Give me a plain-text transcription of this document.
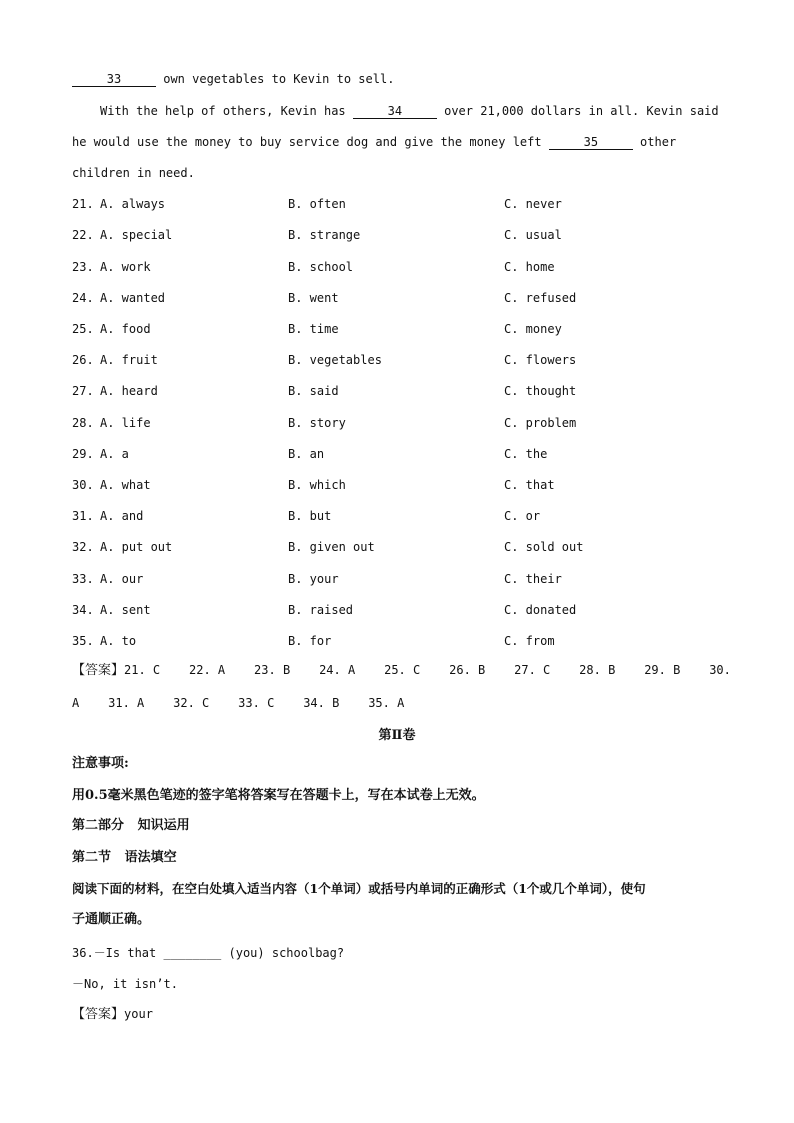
33	own vegetables to Kevin to sell.
With the help of others, Kevin has	34	over 21,000 dollars in all. Kevin said
he would use the money to buy service dog and give the money left	35	other
children in need.
21. A. always	B. often	C. never
22. A. special	B. strange	C. usual
23. A. work	B. school	C. home
24. A. wanted	B. went	C. refused
25. A. food	B. time	C. money
26. A. fruit	B. vegetables	C. flowers
27. A. heard	B. said	C. thought
28. A. life	B. story	C. problem
29. A. a	B. an	C. the
30. A. what	B. which	C. that
31. A. and	B. but	C. or
32. A. put out	B. given out	C. sold out
33. A. our	B. your	C. their
34. A. sent	B. raised	C. donated
35. A. to	B. for	C. from
【答案】21. C    22. A    23. B    24. A    25. C    26. B    27. C    28. B    29. B    30.
A    31. A    32. C    33. C    34. B    35. A
第Ⅱ卷
注意事项:
用0.5毫米黑色笔迹的签字笔将答案写在答题卡上，写在本试卷上无效。
第二部分   知识运用
第二节   语法填空
阅读下面的材料，在空白处填入适当内容（1个单词）或括号内单词的正确形式（1个或几个单词），使句
子通顺正确。
36.－Is that ________ (you) schoolbag?
－No, it isn’t.
【答案】your
